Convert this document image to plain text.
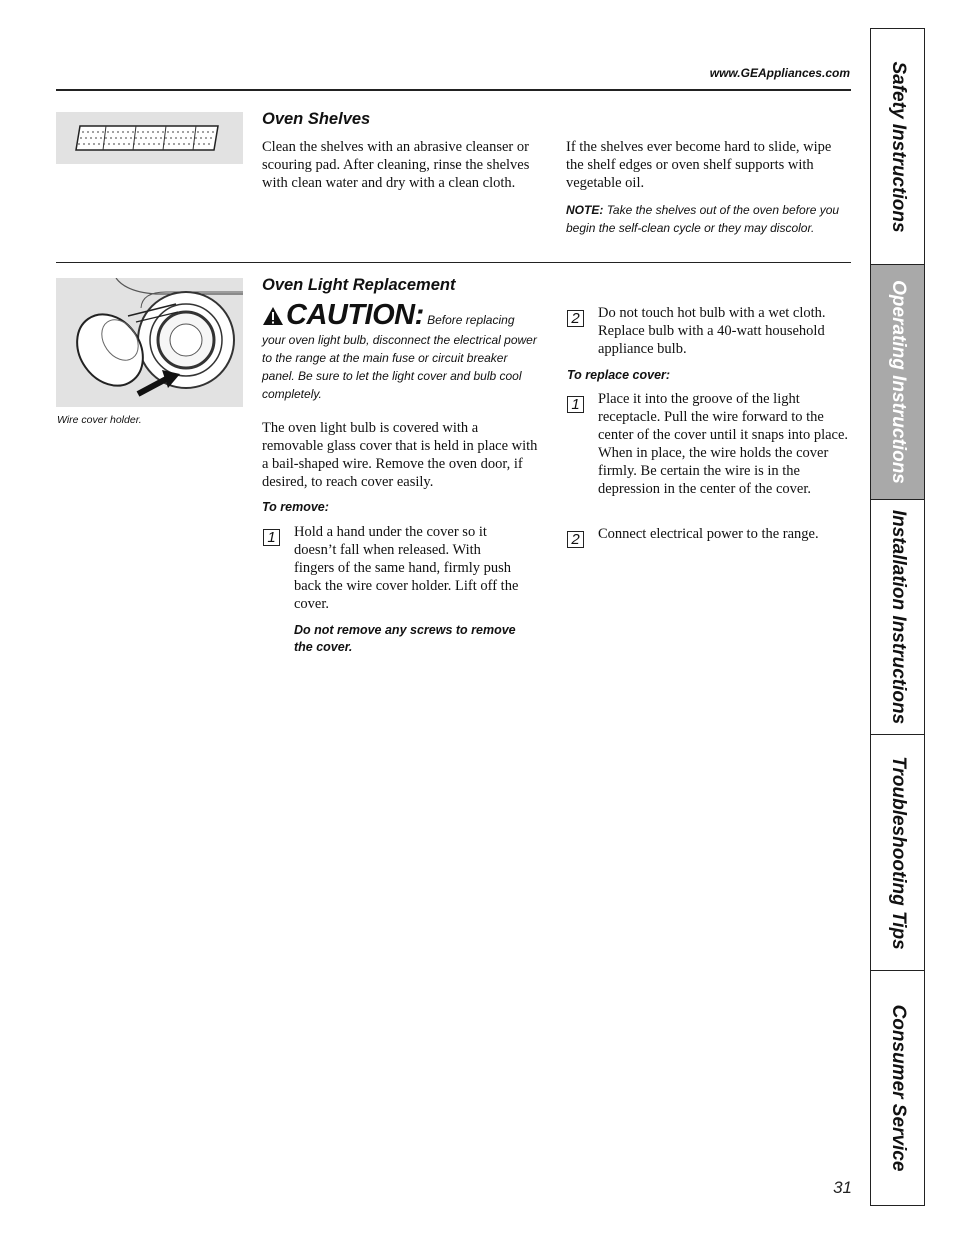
www.GEAppliances.com
Oven Shelves
Clean the shelves with an abrasive cleanser or scouring pad. After cleaning, rinse the shelves with clean water and dry with a clean cloth.
If the shelves ever become hard to slide, wipe the shelf edges or oven shelf supports with vegetable oil.
NOTE: Take the shelves out of the oven before you begin the self-clean cycle or they may discolor.
Wire cover holder.
Oven Light Replacement
CAUTION: Before replacing your oven light bulb, disconnect the electrical power to the range at the main fuse or circuit breaker panel. Be sure to let the light cover and bulb cool completely.
The oven light bulb is covered with a removable glass cover that is held in place with a bail-shaped wire. Remove the oven door, if desired, to reach cover easily.
To remove:
1 Hold a hand under the cover so it doesn’t fall when released. With fingers of the same hand, firmly push back the wire cover holder. Lift off the cover.
Do not remove any screws to remove the cover.
2 Do not touch hot bulb with a wet cloth. Replace bulb with a 40-watt household appliance bulb.
To replace cover:
1 Place it into the groove of the light receptacle. Pull the wire forward to the center of the cover until it snaps into place. When in place, the wire holds the cover firmly. Be certain the wire is in the depression in the center of the cover.
2 Connect electrical power to the range.
Safety Instructions
Operating Instructions
Installation Instructions
Troubleshooting Tips
Consumer Service
31
